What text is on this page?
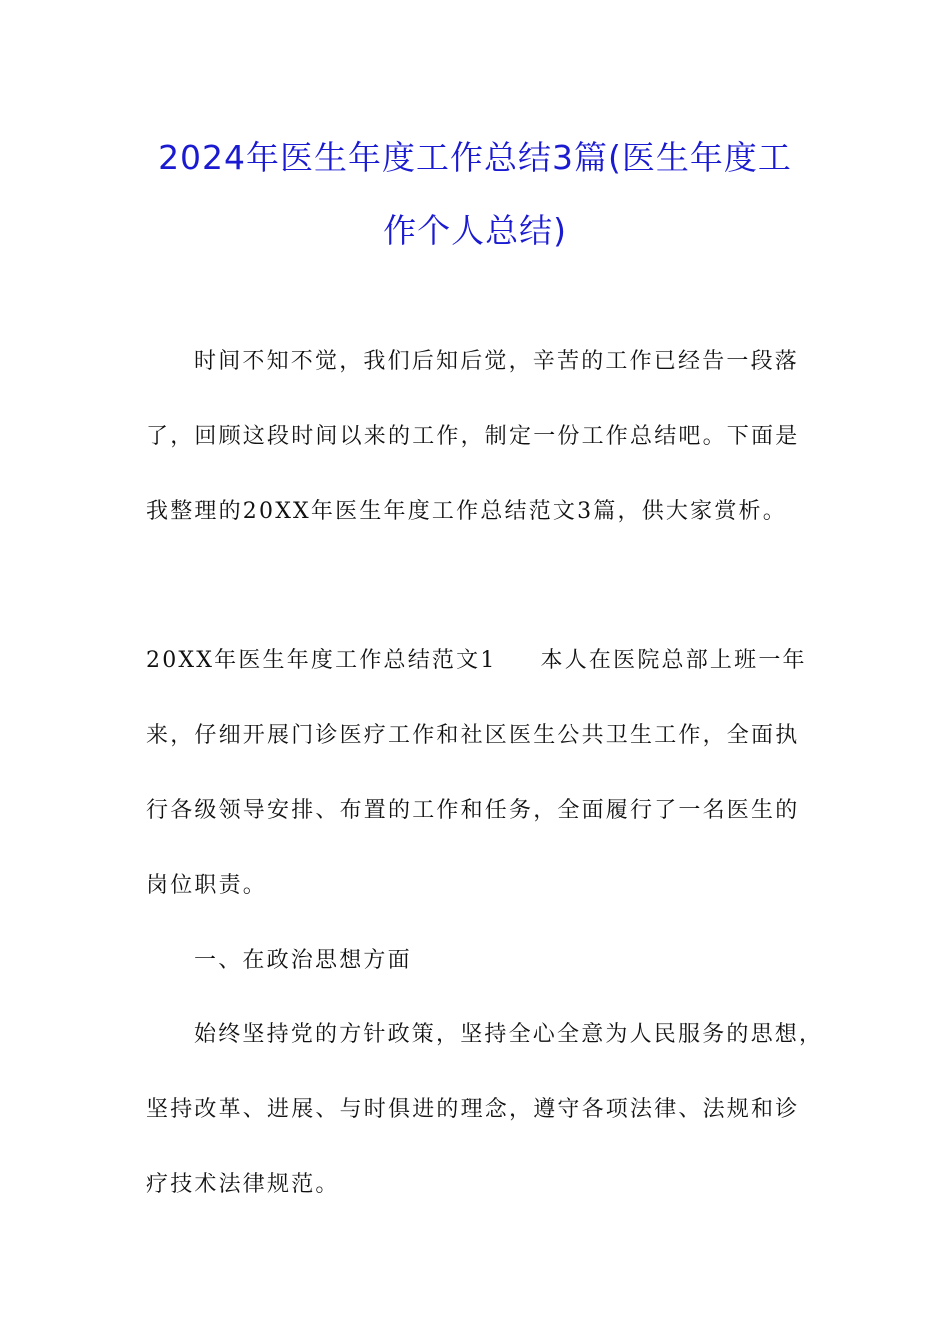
2024年医生年度工作总结3篇(医生年度工
作个人总结)
时间不知不觉，我们后知后觉，辛苦的工作已经告一段落
了，回顾这段时间以来的工作，制定一份工作总结吧。下面是
我整理的20XX年医生年度工作总结范文3篇，供大家赏析。
20XX年医生年度工作总结范文1 本人在医院总部上班一年
来，仔细开展门诊医疗工作和社区医生公共卫生工作，全面执
行各级领导安排、布置的工作和任务，全面履行了一名医生的
岗位职责。
一、在政治思想方面
始终坚持党的方针政策，坚持全心全意为人民服务的思想，
坚持改革、进展、与时俱进的理念，遵守各项法律、法规和诊
疗技术法律规范。
